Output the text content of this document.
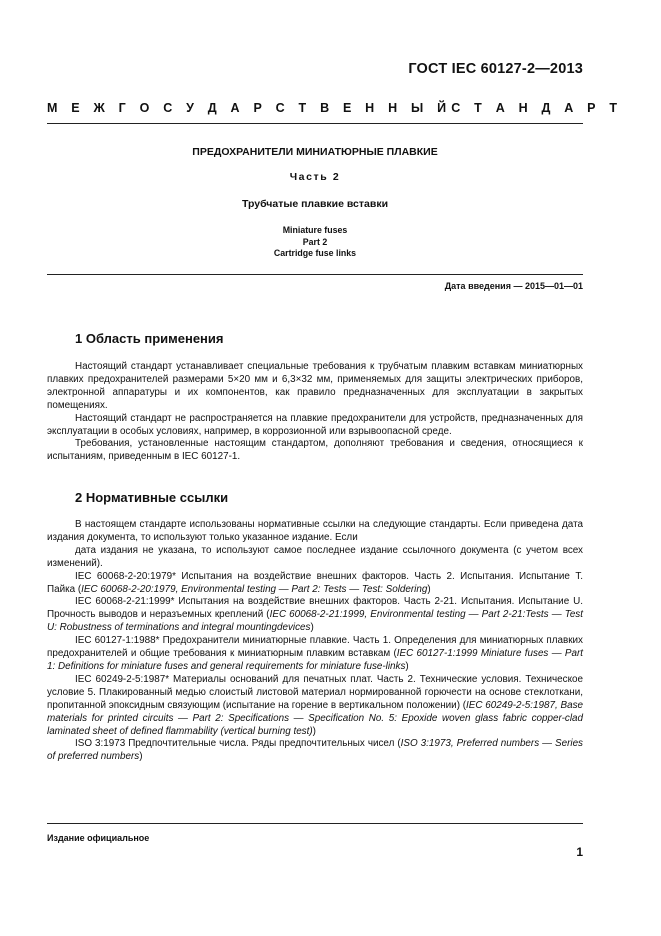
ГОСТ IEC 60127-2—2013
М Е Ж Г О С У Д А Р С Т В Е Н Н Ы Й С Т А Н Д А Р Т
ПРЕДОХРАНИТЕЛИ МИНИАТЮРНЫЕ ПЛАВКИЕ
Часть 2
Трубчатые плавкие вставки
Miniature fuses
Part 2
Cartridge fuse links
Дата введения — 2015—01—01
1 Область применения

Настоящий стандарт устанавливает специальные требования к трубчатым плавким вставкам миниатюрных плавких предохранителей размерами 5×20 мм и 6,3×32 мм, применяемых для защиты электрических приборов, электронной аппаратуры и их компонентов, как правило предназначенных для эксплуатации в закрытых помещениях.

Настоящий стандарт не распространяется на плавкие предохранители для устройств, предназначенных для эксплуатации в особых условиях, например, в коррозионной или взрывоопасной среде.

Требования, установленные настоящим стандартом, дополняют требования и сведения, относящиеся к испытаниям, приведенным в IEC 60127-1.

2 Нормативные ссылки

В настоящем стандарте использованы нормативные ссылки на следующие стандарты. Если приведена дата издания документа, то используют только указанное издание. Если

дата издания не указана, то используют самое последнее издание ссылочного документа (с учетом всех изменений).

IEC 60068-2-20:1979* Испытания на воздействие внешних факторов. Часть 2. Испытания. Испытание Т. Пайка (IEC 60068-2-20:1979, Environmental testing — Part 2: Tests — Test: Soldering)

IEC 60068-2-21:1999* Испытания на воздействие внешних факторов. Часть 2-21. Испытания. Испытание U. Прочность выводов и неразъемных креплений (IEC 60068-2-21:1999, Environmental testing — Part 2-21:Tests — Test U: Robustness of terminations and integral mountingdevices)

IEC 60127-1:1988* Предохранители миниатюрные плавкие. Часть 1. Определения для миниатюрных плавких предохранителей и общие требования к миниатюрным плавким вставкам (IEC 60127-1:1999 Miniature fuses — Part 1: Definitions for miniature fuses and general requirements for miniature fuse-links)

IEC 60249-2-5:1987* Материалы оснований для печатных плат. Часть 2. Технические условия. Техническое условие 5. Плакированный медью слоистый листовой материал нормированной горючести на основе стеклоткани, пропитанной эпоксидным связующим (испытание на горение в вертикальном положении) (IEC 60249-2-5:1987, Base materials for printed circuits — Part 2: Specifications — Specification No. 5: Epoxide woven glass fabric copper-clad laminated sheet of defined flammability (vertical burning test))

ISO 3:1973 Предпочтительные числа. Ряды предпочтительных чисел (ISO 3:1973, Preferred numbers — Series of preferred numbers)

Издание официальное
1
